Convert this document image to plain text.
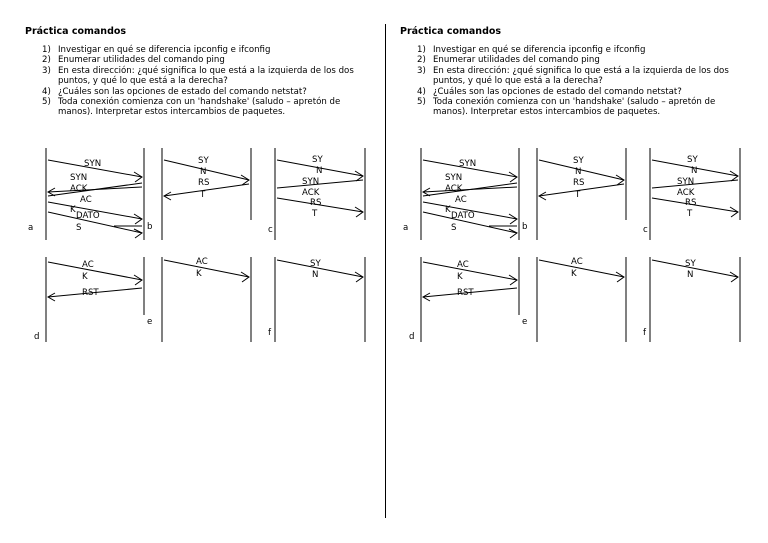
Práctica comandos
1) Investigar en qué se diferencia ipconfig e ifconfig
2) Enumerar utilidades del comando ping
3) En esta dirección: ¿qué significa lo que está a la izquierda de los dos puntos, y qué lo que está a la derecha?
4) ¿Cuáles son las opciones de estado del comando netstat?
5) Toda conexión comienza con un 'handshake' (saludo – apretón de manos). Interpretar estos intercambios de paquetes.
a
SYN
SYN
ACK
AC
K
DATO
S	b
SY
N
RS
T
c
SY
N
SYN
ACK
RS
T
d
AC
K
RST
e
AC
K
f
SY
N
Práctica comandos
1) Investigar en qué se diferencia ipconfig e ifconfig
2) Enumerar utilidades del comando ping
3) En esta dirección: ¿qué significa lo que está a la izquierda de los dos puntos, y qué lo que está a la derecha?
4) ¿Cuáles son las opciones de estado del comando netstat?
5) Toda conexión comienza con un 'handshake' (saludo – apretón de manos). Interpretar estos intercambios de paquetes.
a
SYN
SYN
ACK
AC
K
DATO
S	b
SY
N
RS
T
c
SY
N
SYN
ACK
RS
T
d
AC
K
RST
e
AC
K
f
SY
N
